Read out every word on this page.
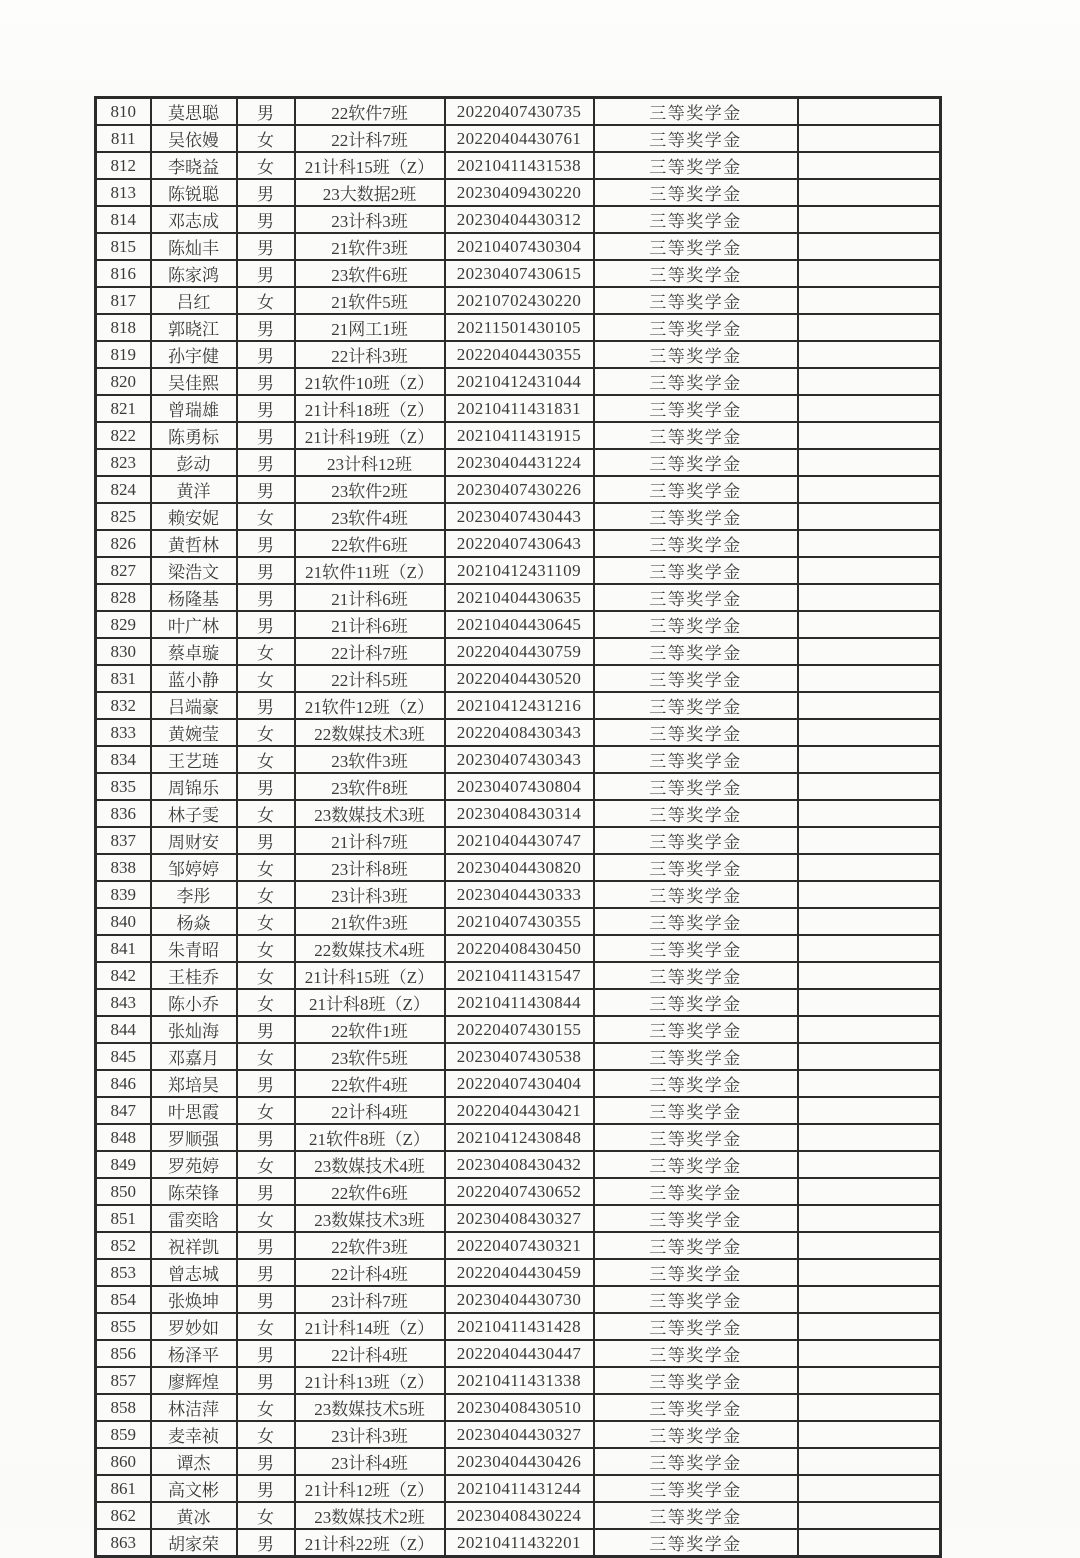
810	莫思聪	男	22软件7班	20220407430735	三等奖学金	
811	吴依嫚	女	22计科7班	20220404430761	三等奖学金	
812	李晓益	女	21计科15班（Z）	20210411431538	三等奖学金	
813	陈锐聪	男	23大数据2班	20230409430220	三等奖学金	
814	邓志成	男	23计科3班	20230404430312	三等奖学金	
815	陈灿丰	男	21软件3班	20210407430304	三等奖学金	
816	陈家鸿	男	23软件6班	20230407430615	三等奖学金	
817	吕红	女	21软件5班	20210702430220	三等奖学金	
818	郭晓江	男	21网工1班	20211501430105	三等奖学金	
819	孙宇健	男	22计科3班	20220404430355	三等奖学金	
820	吴佳熙	男	21软件10班（Z）	20210412431044	三等奖学金	
821	曾瑞雄	男	21计科18班（Z）	20210411431831	三等奖学金	
822	陈勇标	男	21计科19班（Z）	20210411431915	三等奖学金	
823	彭动	男	23计科12班	20230404431224	三等奖学金	
824	黄洋	男	23软件2班	20230407430226	三等奖学金	
825	赖安妮	女	23软件4班	20230407430443	三等奖学金	
826	黄哲林	男	22软件6班	20220407430643	三等奖学金	
827	梁浩文	男	21软件11班（Z）	20210412431109	三等奖学金	
828	杨隆基	男	21计科6班	20210404430635	三等奖学金	
829	叶广林	男	21计科6班	20210404430645	三等奖学金	
830	蔡卓璇	女	22计科7班	20220404430759	三等奖学金	
831	蓝小静	女	22计科5班	20220404430520	三等奖学金	
832	吕端豪	男	21软件12班（Z）	20210412431216	三等奖学金	
833	黄婉莹	女	22数媒技术3班	20220408430343	三等奖学金	
834	王艺琏	女	23软件3班	20230407430343	三等奖学金	
835	周锦乐	男	23软件8班	20230407430804	三等奖学金	
836	林子雯	女	23数媒技术3班	20230408430314	三等奖学金	
837	周财安	男	21计科7班	20210404430747	三等奖学金	
838	邹婷婷	女	23计科8班	20230404430820	三等奖学金	
839	李彤	女	23计科3班	20230404430333	三等奖学金	
840	杨焱	女	21软件3班	20210407430355	三等奖学金	
841	朱青昭	女	22数媒技术4班	20220408430450	三等奖学金	
842	王桂乔	女	21计科15班（Z）	20210411431547	三等奖学金	
843	陈小乔	女	21计科8班（Z）	20210411430844	三等奖学金	
844	张灿海	男	22软件1班	20220407430155	三等奖学金	
845	邓嘉月	女	23软件5班	20230407430538	三等奖学金	
846	郑培昊	男	22软件4班	20220407430404	三等奖学金	
847	叶思霞	女	22计科4班	20220404430421	三等奖学金	
848	罗顺强	男	21软件8班（Z）	20210412430848	三等奖学金	
849	罗苑婷	女	23数媒技术4班	20230408430432	三等奖学金	
850	陈荣锋	男	22软件6班	20220407430652	三等奖学金	
851	雷奕晗	女	23数媒技术3班	20230408430327	三等奖学金	
852	祝祥凯	男	22软件3班	20220407430321	三等奖学金	
853	曾志城	男	22计科4班	20220404430459	三等奖学金	
854	张焕坤	男	23计科7班	20230404430730	三等奖学金	
855	罗妙如	女	21计科14班（Z）	20210411431428	三等奖学金	
856	杨泽平	男	22计科4班	20220404430447	三等奖学金	
857	廖辉煌	男	21计科13班（Z）	20210411431338	三等奖学金	
858	林洁萍	女	23数媒技术5班	20230408430510	三等奖学金	
859	麦幸祯	女	23计科3班	20230404430327	三等奖学金	
860	谭杰	男	23计科4班	20230404430426	三等奖学金	
861	高文彬	男	21计科12班（Z）	20210411431244	三等奖学金	
862	黄冰	女	23数媒技术2班	20230408430224	三等奖学金	
863	胡家荣	男	21计科22班（Z）	20210411432201	三等奖学金	
